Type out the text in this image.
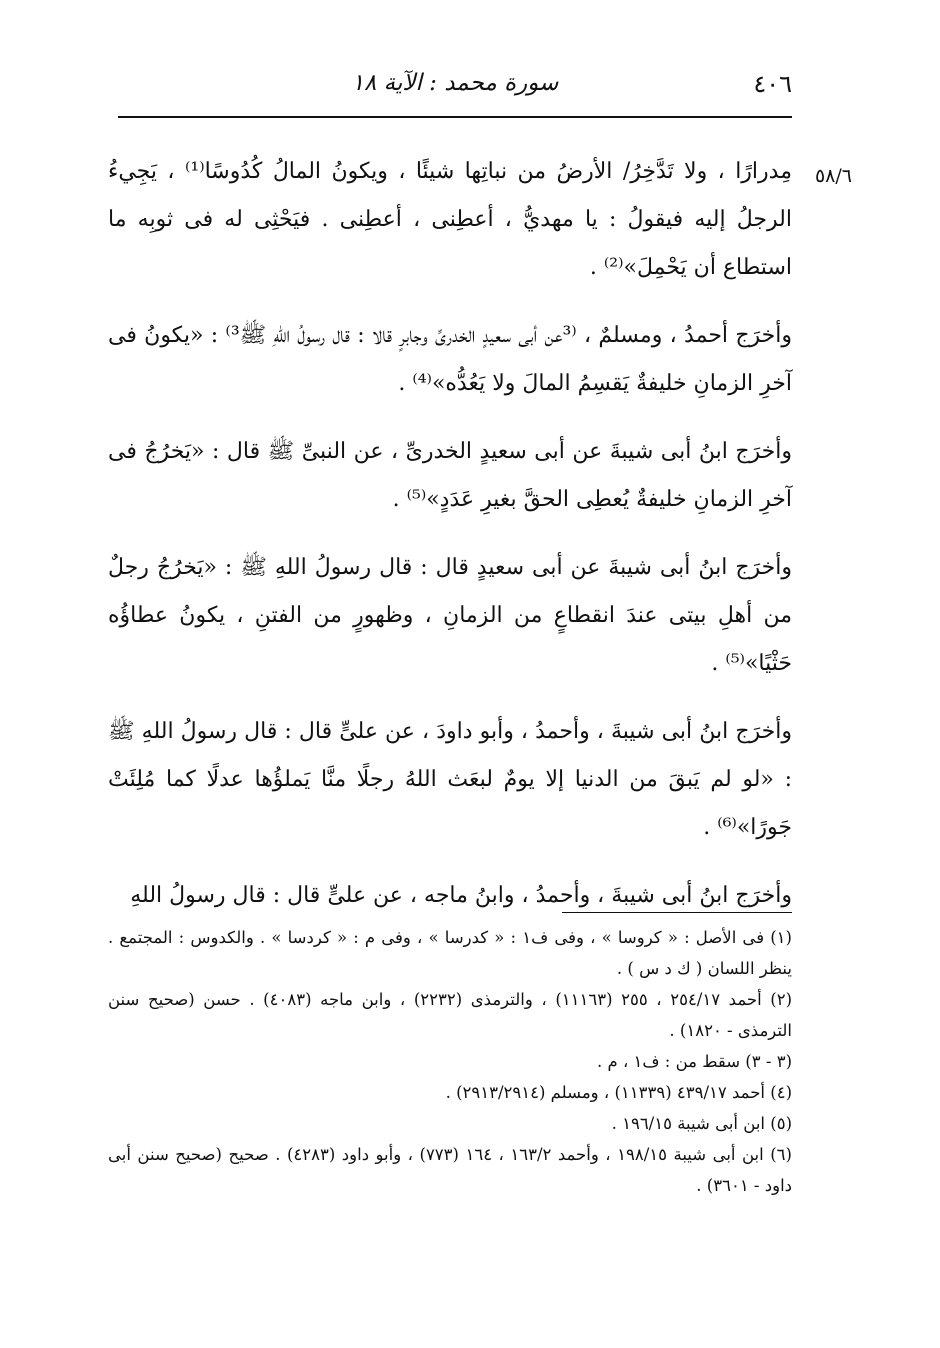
٤٠٦
سورة محمد : الآية ١٨
٥٨/٦

مِدرارًا ، ولا تَدَّخِرُ/ الأرضُ من نباتِها شيئًا ، ويكونُ المالُ كُدُوسًا⁽¹⁾ ، يَجِيءُ الرجلُ إليه فيقولُ : يا مهديُّ ، أعطِنى ، أعطِنى . فيَحْثِى له فى ثوبِه ما استطاع أن يَحْمِلَ»⁽²⁾ .

وأخرَج أحمدُ ، ومسلمٌ ، ⁽³عن أبى سعيدٍ الخدرىِّ وجابرٍ قالا : قال رسولُ اللّٰهِ ﷺ³⁾ : «يكونُ فى آخرِ الزمانِ خليفةٌ يَقسِمُ المالَ ولا يَعُدُّه»⁽⁴⁾ .

وأخرَج ابنُ أبى شيبةَ عن أبى سعيدٍ الخدرىِّ ، عن النبىِّ ﷺ قال : «يَخرُجُ فى آخرِ الزمانِ خليفةٌ يُعطِى الحقَّ بغيرِ عَدَدٍ»⁽⁵⁾ .

وأخرَج ابنُ أبى شيبةَ عن أبى سعيدٍ قال : قال رسولُ اللهِ ﷺ : «يَخرُجُ رجلٌ من أهلِ بيتى عندَ انقطاعٍ من الزمانِ ، وظهورٍ من الفتنِ ، يكونُ عطاؤُه حَثْيًا»⁽⁵⁾ .

وأخرَج ابنُ أبى شيبةَ ، وأحمدُ ، وأبو داودَ ، عن علىٍّ قال : قال رسولُ اللهِ ﷺ : «لو لم يَبقَ من الدنيا إلا يومٌ لبعَث اللهُ رجلًا منَّا يَملؤُها عدلًا كما مُلِئَتْ جَورًا»⁽⁶⁾ .

وأخرَج ابنُ أبى شيبةَ ، وأحمدُ ، وابنُ ماجه ، عن علىٍّ قال : قال رسولُ اللهِ

(١) فى الأصل : « كروسا » ، وفى ف١ : « كدرسا » ، وفى م : « كردسا » . والكدوس : المجتمع . ينظر اللسان ( ك د س ) .

(٢) أحمد ٢٥٤/١٧ ، ٢٥٥ (١١١٦٣) ، والترمذى (٢٢٣٢) ، وابن ماجه (٤٠٨٣) . حسن (صحيح سنن الترمذى - ١٨٢٠) .

(٣ - ٣) سقط من : ف١ ، م .

(٤) أحمد ٤٣٩/١٧ (١١٣٣٩) ، ومسلم (٢٩١٣/٢٩١٤) .

(٥) ابن أبى شيبة ١٩٦/١٥ .

(٦) ابن أبى شيبة ١٩٨/١٥ ، وأحمد ١٦٣/٢ ، ١٦٤ (٧٧٣) ، وأبو داود (٤٢٨٣) . صحيح (صحيح سنن أبى داود - ٣٦٠١) .
